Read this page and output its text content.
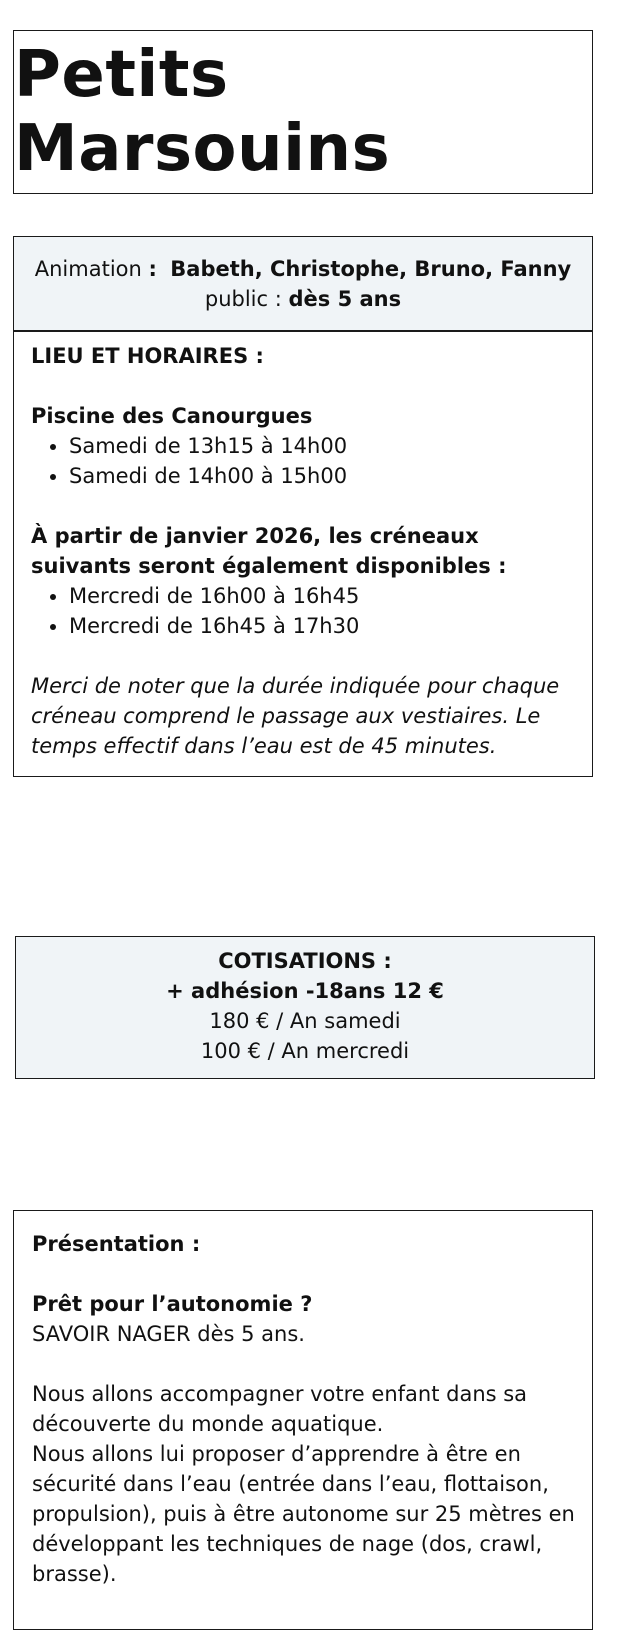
Petits Marsouins
Animation : Babeth, Christophe, Bruno, Fanny
public : dès 5 ans
LIEU ET HORAIRES :
Piscine des Canourgues
• Samedi de 13h15 à 14h00
• Samedi de 14h00 à 15h00
À partir de janvier 2026, les créneaux suivants seront également disponibles :
• Mercredi de 16h00 à 16h45
• Mercredi de 16h45 à 17h30
Merci de noter que la durée indiquée pour chaque créneau comprend le passage aux vestiaires. Le temps effectif dans l’eau est de 45 minutes.
COTISATIONS :
+ adhésion -18ans 12 €
180 € / An samedi
100 € / An mercredi
Présentation :
Prêt pour l’autonomie ?
SAVOIR NAGER dès 5 ans.
Nous allons accompagner votre enfant dans sa découverte du monde aquatique.
Nous allons lui proposer d’apprendre à être en sécurité dans l’eau (entrée dans l’eau, flottaison, propulsion), puis à être autonome sur 25 mètres en développant les techniques de nage (dos, crawl, brasse).
